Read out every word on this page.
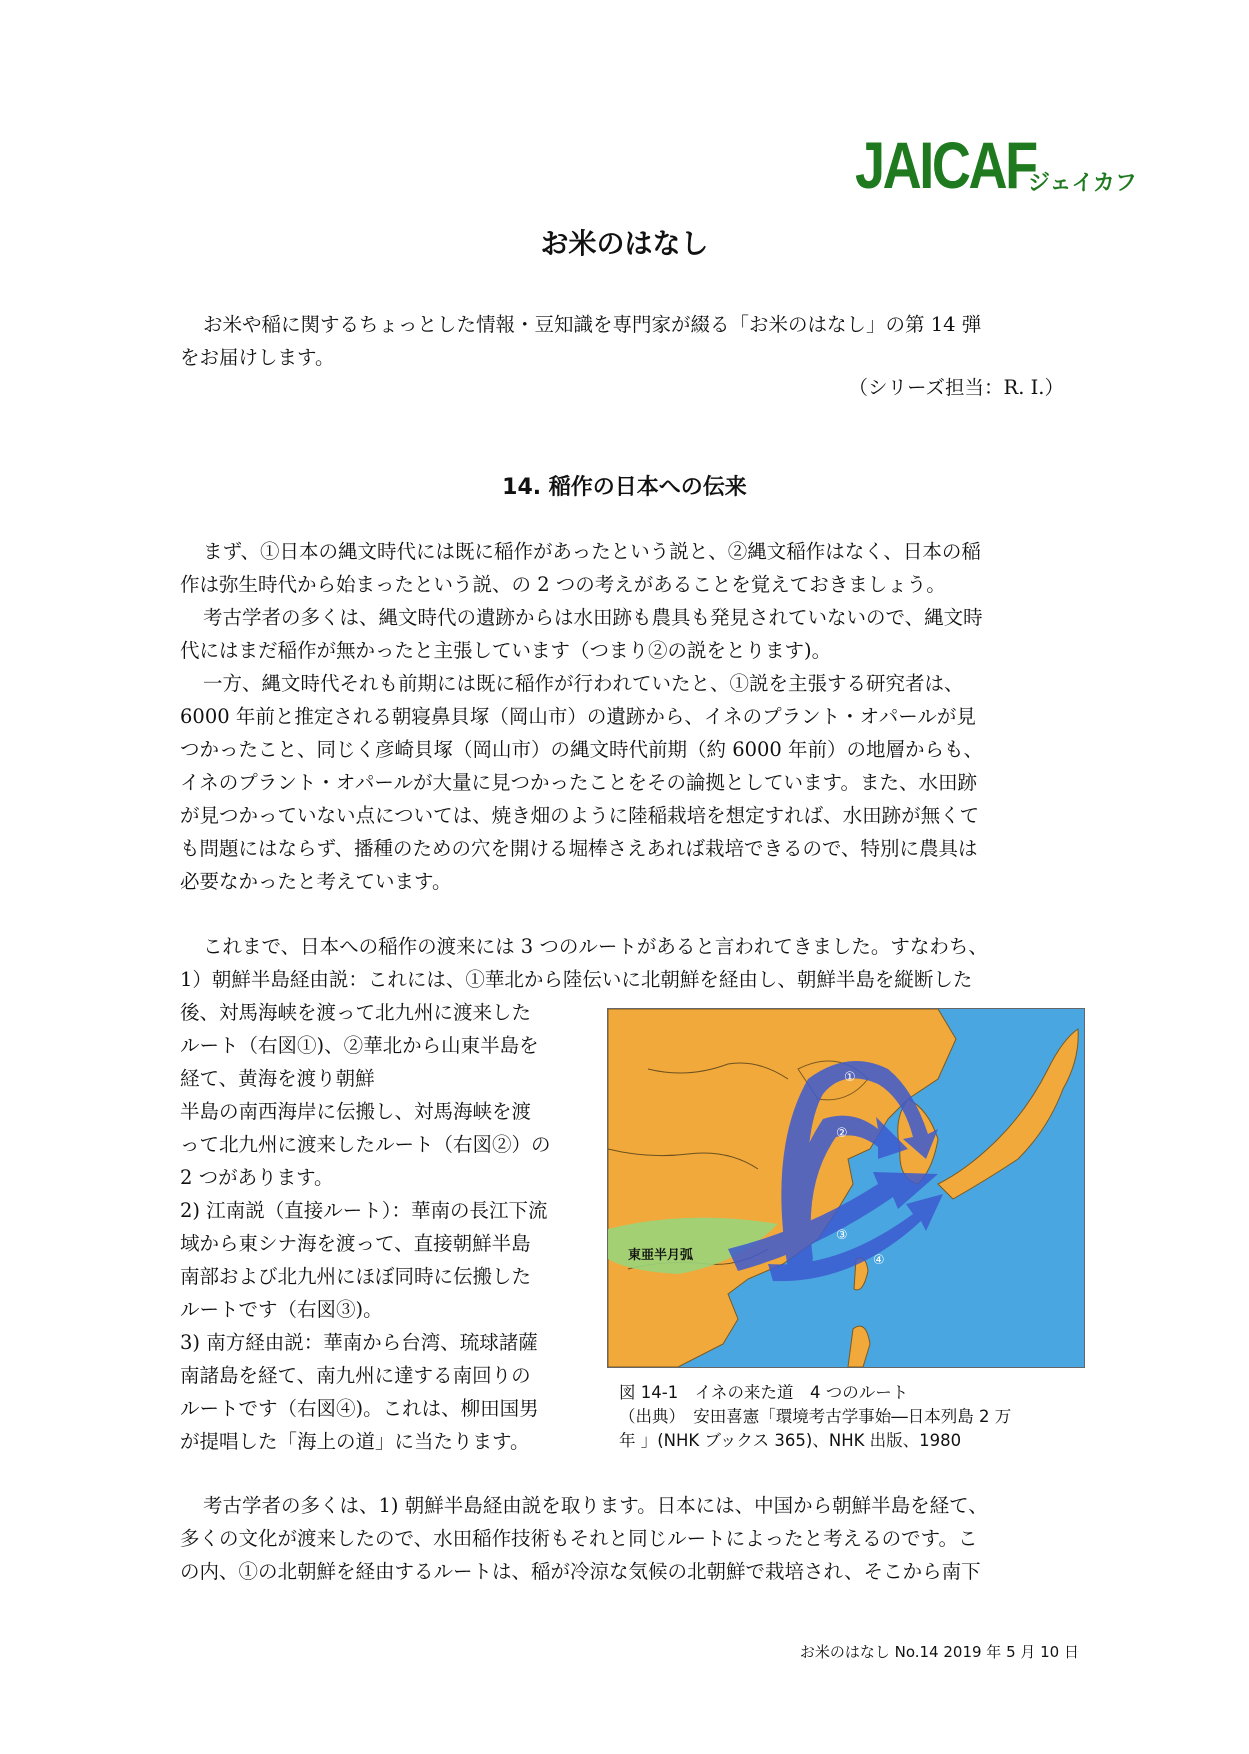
JAICAF
ジェイカフ
お米のはなし

お米や稲に関するちょっとした情報・豆知識を専門家が綴る「お米のはなし」の第 14 弾

をお届けします。

（シリーズ担当：R. I.）
14. 稲作の日本への伝来

まず、①日本の縄文時代には既に稲作があったという説と、②縄文稲作はなく、日本の稲

作は弥生時代から始まったという説、の 2 つの考えがあることを覚えておきましょう。

考古学者の多くは、縄文時代の遺跡からは水田跡も農具も発見されていないので、縄文時

代にはまだ稲作が無かったと主張しています（つまり②の説をとります)。

一方、縄文時代それも前期には既に稲作が行われていたと、①説を主張する研究者は、

6000 年前と推定される朝寝鼻貝塚（岡山市）の遺跡から、イネのプラント・オパールが見

つかったこと、同じく彦崎貝塚（岡山市）の縄文時代前期（約 6000 年前）の地層からも、

イネのプラント・オパールが大量に見つかったことをその論拠としています。また、水田跡

が見つかっていない点については、焼き畑のように陸稲栽培を想定すれば、水田跡が無くて

も問題にはならず、播種のための穴を開ける堀棒さえあれば栽培できるので、特別に農具は

必要なかったと考えています。

これまで、日本への稲作の渡来には 3 つのルートがあると言われてきました。すなわち、

1）朝鮮半島経由説：これには、①華北から陸伝いに北朝鮮を経由し、朝鮮半島を縦断した

後、対馬海峡を渡って北九州に渡来した

ルート（右図①)、②華北から山東半島を

経て、黄海を渡り朝鮮

半島の南西海岸に伝搬し、対馬海峡を渡

って北九州に渡来したルート（右図②）の

2 つがあります。

2) 江南説（直接ルート）：華南の長江下流

域から東シナ海を渡って、直接朝鮮半島

南部および北九州にほぼ同時に伝搬した

ルートです（右図③)。

3) 南方経由説：華南から台湾、琉球諸薩

南諸島を経て、南九州に達する南回りの

ルートです（右図④)。これは、柳田国男

が提唱した「海上の道」に当たります。

東亜半月弧
①
②
③
④
図 14-1　イネの来た道　4 つのルート
（出典）　安田喜憲「環境考古学事始―日本列島 2 万
年 」(NHK ブックス 365)、NHK 出版、1980

考古学者の多くは、1) 朝鮮半島経由説を取ります。日本には、中国から朝鮮半島を経て、

多くの文化が渡来したので、水田稲作技術もそれと同じルートによったと考えるのです。こ

の内、①の北朝鮮を経由するルートは、稲が冷涼な気候の北朝鮮で栽培され、そこから南下

お米のはなし No.14 2019 年 5 月 10 日
